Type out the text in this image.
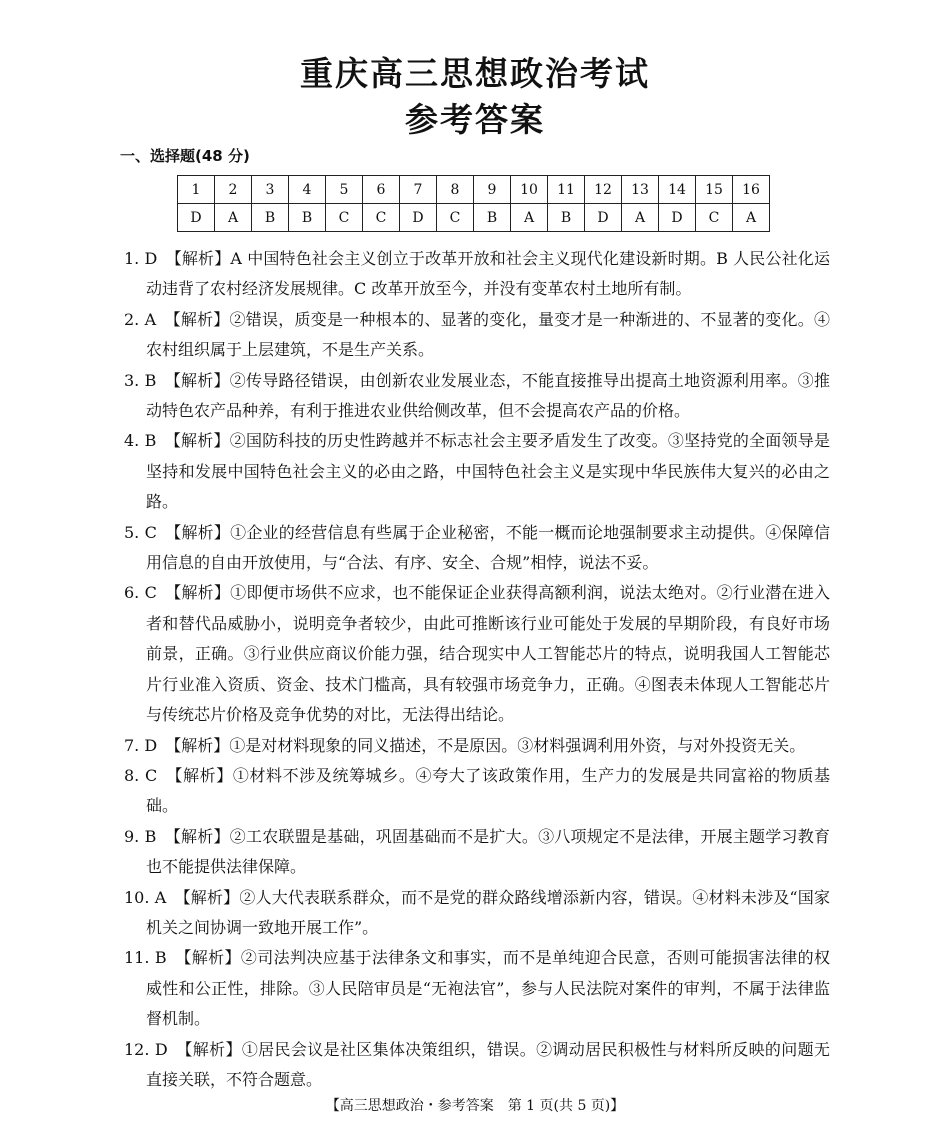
重庆高三思想政治考试
参考答案
一、选择题(48 分)
1	2	3	4	5	6	7	8	9	10	11	12	13	14	15	16
D	A	B	B	C	C	D	C	B	A	B	D	A	D	C	A

1. D　 【解析】A 中国特色社会主义创立于改革开放和社会主义现代化建设新时期。B 人民公社化运动违背了农村经济发展规律。C 改革开放至今，并没有变革农村土地所有制。

2. A　 【解析】②错误，质变是一种根本的、显著的变化，量变才是一种渐进的、不显著的变化。④农村组织属于上层建筑，不是生产关系。

3. B　 【解析】②传导路径错误，由创新农业发展业态，不能直接推导出提高土地资源利用率。③推动特色农产品种养，有利于推进农业供给侧改革，但不会提高农产品的价格。

4. B　 【解析】②国防科技的历史性跨越并不标志社会主要矛盾发生了改变。③坚持党的全面领导是坚持和发展中国特色社会主义的必由之路，中国特色社会主义是实现中华民族伟大复兴的必由之路。

5. C　 【解析】①企业的经营信息有些属于企业秘密，不能一概而论地强制要求主动提供。④保障信用信息的自由开放使用，与“合法、有序、安全、合规”相悖，说法不妥。

6. C　 【解析】①即便市场供不应求，也不能保证企业获得高额利润，说法太绝对。②行业潜在进入者和替代品威胁小，说明竞争者较少，由此可推断该行业可能处于发展的早期阶段，有良好市场前景，正确。③行业供应商议价能力强，结合现实中人工智能芯片的特点，说明我国人工智能芯片行业准入资质、资金、技术门槛高，具有较强市场竞争力，正确。④图表未体现人工智能芯片与传统芯片价格及竞争优势的对比，无法得出结论。

7. D　 【解析】①是对材料现象的同义描述，不是原因。③材料强调利用外资，与对外投资无关。

8. C　 【解析】①材料不涉及统筹城乡。④夸大了该政策作用，生产力的发展是共同富裕的物质基础。

9. B　 【解析】②工农联盟是基础，巩固基础而不是扩大。③八项规定不是法律，开展主题学习教育也不能提供法律保障。

10. A　 【解析】②人大代表联系群众，而不是党的群众路线增添新内容，错误。④材料未涉及“国家机关之间协调一致地开展工作”。

11. B　 【解析】②司法判决应基于法律条文和事实，而不是单纯迎合民意，否则可能损害法律的权威性和公正性，排除。③人民陪审员是“无袍法官”，参与人民法院对案件的审判，不属于法律监督机制。

12. D　 【解析】①居民会议是社区集体决策组织，错误。②调动居民积极性与材料所反映的问题无直接关联，不符合题意。

【高三思想政治・参考答案　第 1 页(共 5 页)】
